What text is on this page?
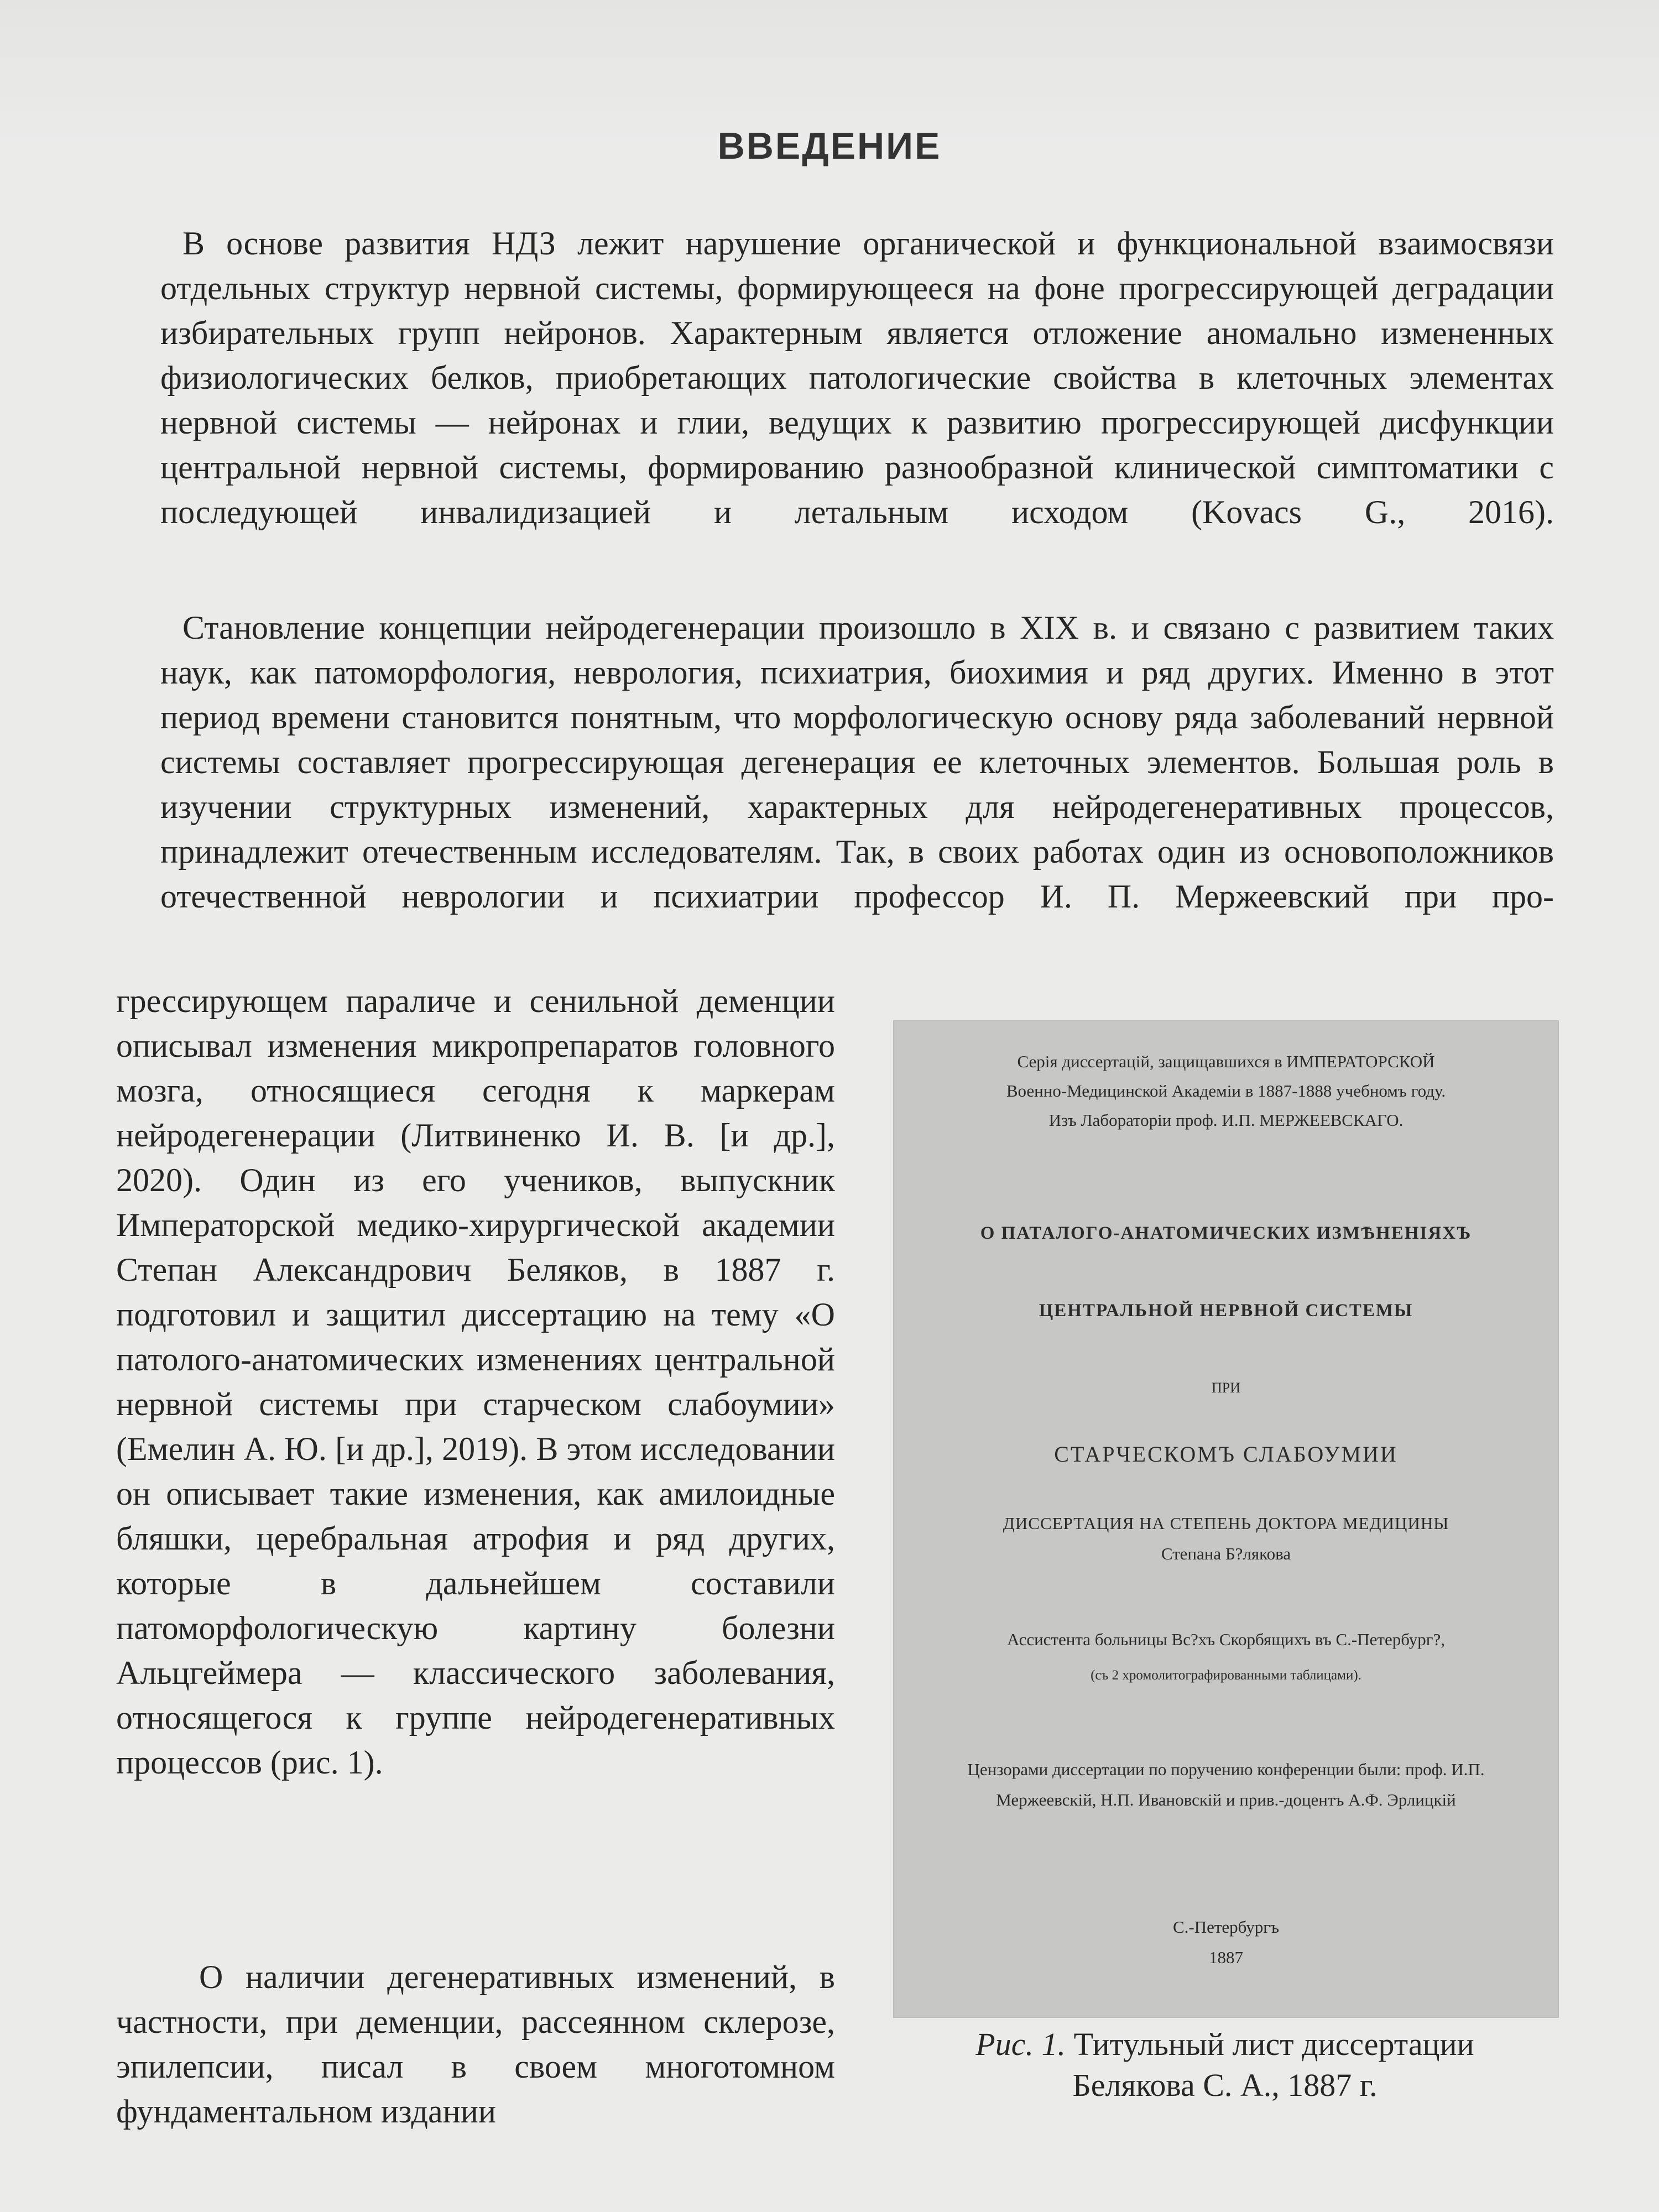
ВВЕДЕНИЕ

В основе развития НДЗ лежит нарушение органической и функциональной взаимосвязи отдельных структур нервной системы, формирующееся на фоне прогрессирующей деградации избирательных групп нейронов. Характерным является отложение аномально измененных физиологических белков, приобретающих патологические свойства в клеточных элементах нервной системы — нейронах и глии, ведущих к развитию прогрессирующей дисфункции центральной нервной системы, формированию разнообразной клинической симптоматики с последующей инвалидизацией и летальным исходом (Kovacs G., 2016).

Становление концепции нейродегенерации произошло в XIX в. и связано с развитием таких наук, как патоморфология, неврология, психиатрия, биохимия и ряд других. Именно в этот период времени становится понятным, что морфологическую основу ряда заболеваний нервной системы составляет прогрессирующая дегенерация ее клеточных элементов. Большая роль в изучении структурных изменений, характерных для нейродегенеративных процессов, принадлежит отечественным исследователям. Так, в своих работах один из основоположников отечественной неврологии и психиатрии профессор И. П. Мержеевский при про-

грессирующем параличе и сенильной деменции описывал изменения микропрепаратов головного мозга, относящиеся сегодня к маркерам нейродегенерации (Литвиненко И. В. [и др.], 2020). Один из его учеников, выпускник Императорской медико-хирургической академии Степан Александрович Беляков, в 1887 г. подготовил и защитил диссертацию на тему «О патолого-анатомических изменениях центральной нервной системы при старческом слабоумии» (Емелин А. Ю. [и др.], 2019). В этом исследовании он описывает такие изменения, как амилоидные бляшки, церебральная атрофия и ряд других, которые в дальнейшем составили патоморфологическую картину болезни Альцгеймера — классического заболевания, относящегося к группе нейродегенеративных процессов (рис. 1).

О наличии дегенеративных изменений, в частности, при деменции, рассеянном склерозе, эпилепсии, писал в своем многотомном фундаментальном издании

Серія диссертацій, защищавшихся в ИМПЕРАТОРСКОЙ

Военно-Медицинской Академіи в 1887-1888 учебномъ году.

Изъ Лабораторіи проф. И.П. МЕРЖЕЕВСКАГО.

О ПАТАЛОГО-АНАТОМИЧЕСКИХ ИЗМѢНЕНІЯХЪ

ЦЕНТРАЛЬНОЙ НЕРВНОЙ СИСТЕМЫ

ПРИ

СТАРЧЕСКОМЪ СЛАБОУМИИ

ДИССЕРТАЦИЯ НА СТЕПЕНЬ ДОКТОРА МЕДИЦИНЫ

Степана Б?лякова

Ассистента больницы Вс?хъ Скорбящихъ въ С.-Петербург?,

(съ 2 хромолитографированными таблицами).

Цензорами диссертации по поручению конференции были: проф. И.П.

Мержеевскій, Н.П. Ивановскій и прив.-доцентъ А.Ф. Эрлицкій

С.-Петербургъ

1887

Рис. 1. Титульный лист диссертации
Белякова С. А., 1887 г.
